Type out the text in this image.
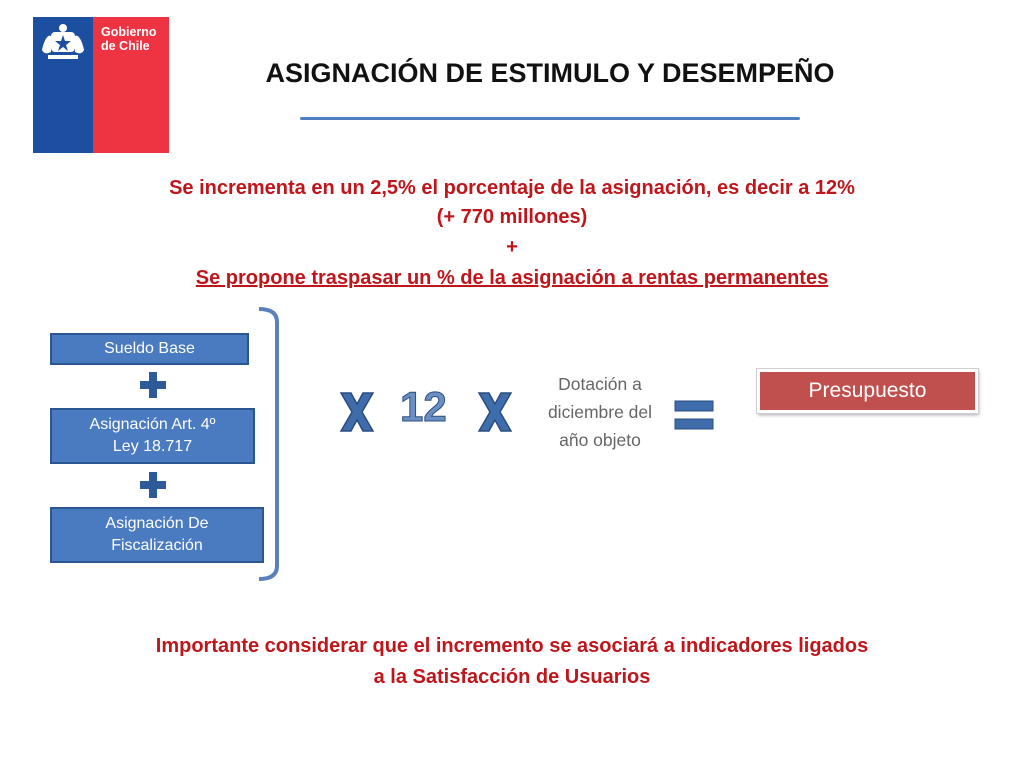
Gobierno
de Chile
ASIGNACIÓN DE ESTIMULO Y DESEMPEÑO
Se incrementa en un 2,5% el porcentaje de la asignación, es decir a 12%
(+ 770 millones)
+
Se propone traspasar un % de la asignación a rentas permanentes
Sueldo Base
Asignación Art. 4º
Ley 18.717
Asignación De
Fiscalización
12	Dotación a
diciembre del
año objeto
Presupuesto
Importante considerar que el incremento se asociará a indicadores ligados
a la Satisfacción de Usuarios
